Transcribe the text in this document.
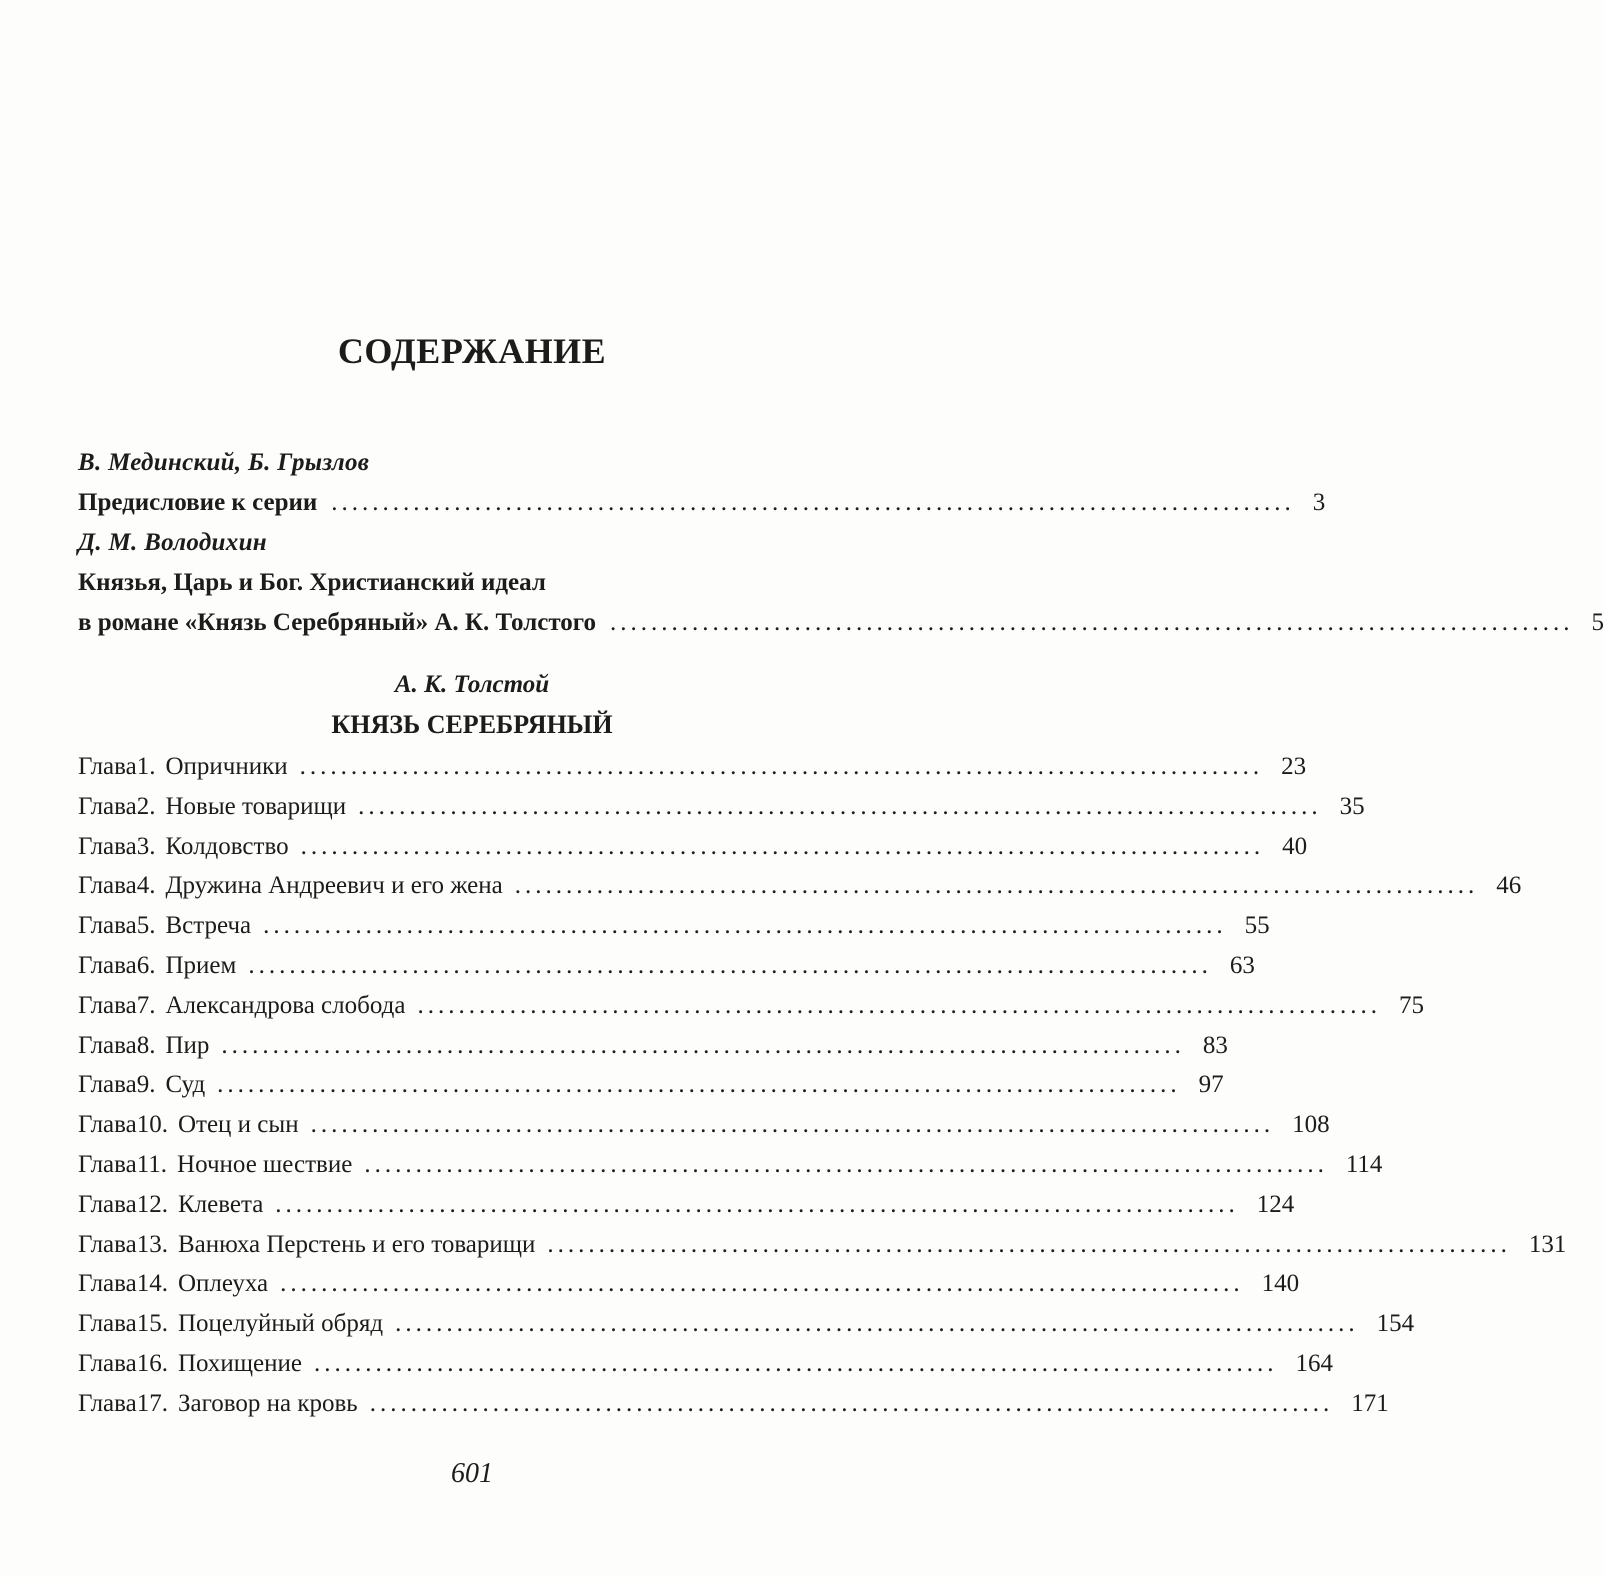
СОДЕРЖАНИЕ
В. Мединский, Б. Грызлов
Предисловие к серии .............................................................................................. 3
Д. М. Володихин
Князья, Царь и Бог. Христианский идеал
в романе «Князь Серебряный» А. К. Толстого .............................................................................................. 5
А. К. Толстой
КНЯЗЬ СЕРЕБРЯНЫЙ
Глава 1. Опричники .............................................................................................. 23
Глава 2. Новые товарищи .............................................................................................. 35
Глава 3. Колдовство .............................................................................................. 40
Глава 4. Дружина Андреевич и его жена .............................................................................................. 46
Глава 5. Встреча .............................................................................................. 55
Глава 6. Прием .............................................................................................. 63
Глава 7. Александрова слобода .............................................................................................. 75
Глава 8. Пир .............................................................................................. 83
Глава 9. Суд .............................................................................................. 97
Глава 10. Отец и сын .............................................................................................. 108
Глава 11. Ночное шествие .............................................................................................. 114
Глава 12. Клевета .............................................................................................. 124
Глава 13. Ванюха Перстень и его товарищи .............................................................................................. 131
Глава 14. Оплеуха .............................................................................................. 140
Глава 15. Поцелуйный обряд .............................................................................................. 154
Глава 16. Похищение .............................................................................................. 164
Глава 17. Заговор на кровь .............................................................................................. 171
601
